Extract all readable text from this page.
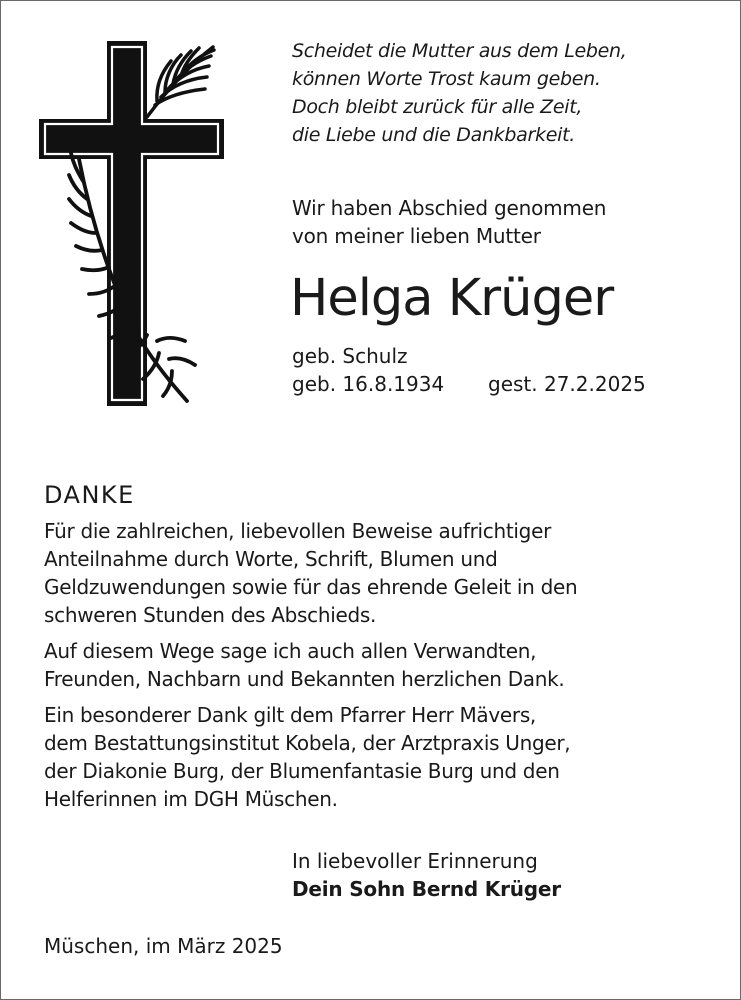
Scheidet die Mutter aus dem Leben,
können Worte Trost kaum geben.
Doch bleibt zurück für alle Zeit,
die Liebe und die Dankbarkeit.
Wir haben Abschied genommen
von meiner lieben Mutter
Helga Krüger
geb. Schulz
geb. 16.8.1934 gest. 27.2.2025
DANKE

Für die zahlreichen, liebevollen Beweise aufrichtiger
Anteilnahme durch Worte, Schrift, Blumen und
Geldzuwendungen sowie für das ehrende Geleit in den
schweren Stunden des Abschieds.

Auf diesem Wege sage ich auch allen Verwandten,
Freunden, Nachbarn und Bekannten herzlichen Dank.

Ein besonderer Dank gilt dem Pfarrer Herr Mävers,
dem Bestattungsinstitut Kobela, der Arztpraxis Unger,
der Diakonie Burg, der Blumenfantasie Burg und den
Helferinnen im DGH Müschen.

In liebevoller Erinnerung
Dein Sohn Bernd Krüger
Müschen, im März 2025
